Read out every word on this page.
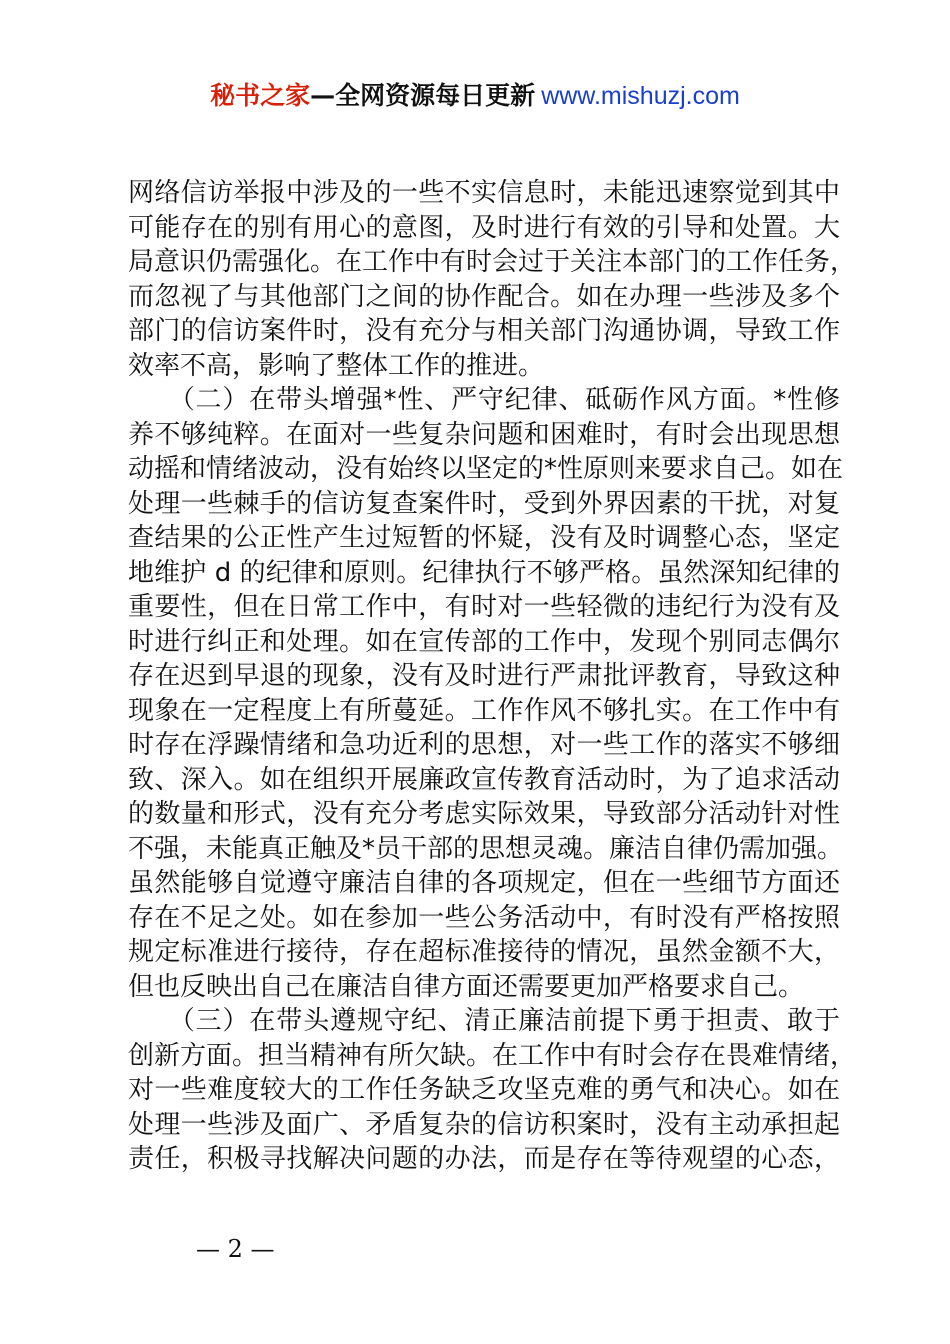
秘书之家—全网资源每日更新 www.mishuzj.com
网络信访举报中涉及的一些不实信息时，未能迅速察觉到其中
可能存在的别有用心的意图，及时进行有效的引导和处置。大
局意识仍需强化。在工作中有时会过于关注本部门的工作任务，
而忽视了与其他部门之间的协作配合。如在办理一些涉及多个
部门的信访案件时，没有充分与相关部门沟通协调，导致工作
效率不高，影响了整体工作的推进。
　　（二）在带头增强*性、严守纪律、砥砺作风方面。*性修
养不够纯粹。在面对一些复杂问题和困难时，有时会出现思想
动摇和情绪波动，没有始终以坚定的*性原则来要求自己。如在
处理一些棘手的信访复查案件时，受到外界因素的干扰，对复
查结果的公正性产生过短暂的怀疑，没有及时调整心态，坚定
地维护 d 的纪律和原则。纪律执行不够严格。虽然深知纪律的
重要性，但在日常工作中，有时对一些轻微的违纪行为没有及
时进行纠正和处理。如在宣传部的工作中，发现个别同志偶尔
存在迟到早退的现象，没有及时进行严肃批评教育，导致这种
现象在一定程度上有所蔓延。工作作风不够扎实。在工作中有
时存在浮躁情绪和急功近利的思想，对一些工作的落实不够细
致、深入。如在组织开展廉政宣传教育活动时，为了追求活动
的数量和形式，没有充分考虑实际效果，导致部分活动针对性
不强，未能真正触及*员干部的思想灵魂。廉洁自律仍需加强。
虽然能够自觉遵守廉洁自律的各项规定，但在一些细节方面还
存在不足之处。如在参加一些公务活动中，有时没有严格按照
规定标准进行接待，存在超标准接待的情况，虽然金额不大，
但也反映出自己在廉洁自律方面还需要更加严格要求自己。
　　（三）在带头遵规守纪、清正廉洁前提下勇于担责、敢于
创新方面。担当精神有所欠缺。在工作中有时会存在畏难情绪，
对一些难度较大的工作任务缺乏攻坚克难的勇气和决心。如在
处理一些涉及面广、矛盾复杂的信访积案时，没有主动承担起
责任，积极寻找解决问题的办法，而是存在等待观望的心态，
— 2 —
